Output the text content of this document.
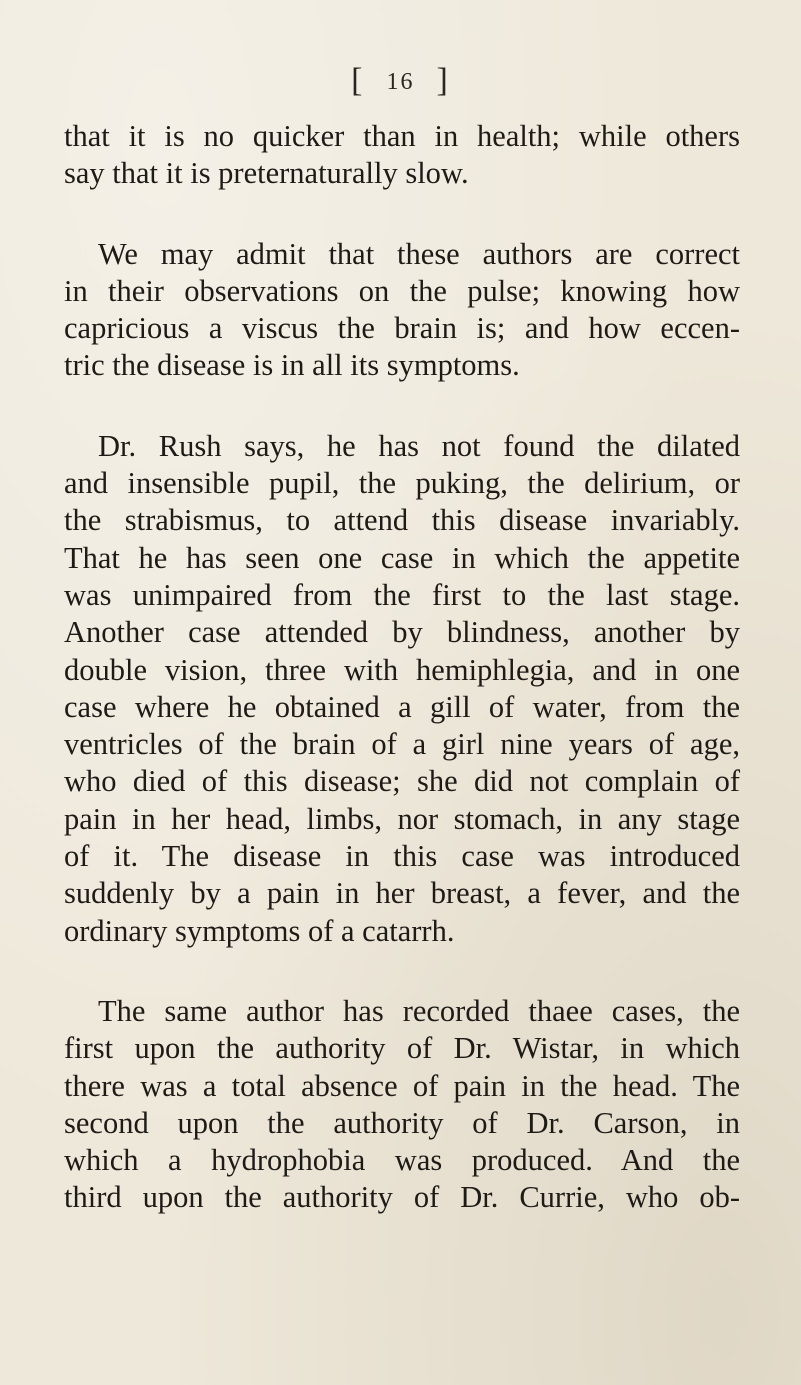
[ 16 ]
that it is no quicker than in health; while others
say that it is preternaturally slow.
We may admit that these authors are correct
in their observations on the pulse; knowing how
capricious a viscus the brain is; and how eccen-
tric the disease is in all its symptoms.
Dr. Rush says, he has not found the dilated
and insensible pupil, the puking, the delirium, or
the strabismus, to attend this disease invariably.
That he has seen one case in which the appetite
was unimpaired from the first to the last stage.
Another case attended by blindness, another by
double vision, three with hemiphlegia, and in one
case where he obtained a gill of water, from the
ventricles of the brain of a girl nine years of age,
who died of this disease; she did not complain of
pain in her head, limbs, nor stomach, in any stage
of it. The disease in this case was introduced
suddenly by a pain in her breast, a fever, and the
ordinary symptoms of a catarrh.
The same author has recorded thaee cases, the
first upon the authority of Dr. Wistar, in which
there was a total absence of pain in the head. The
second upon the authority of Dr. Carson, in
which a hydrophobia was produced. And the
third upon the authority of Dr. Currie, who ob-
